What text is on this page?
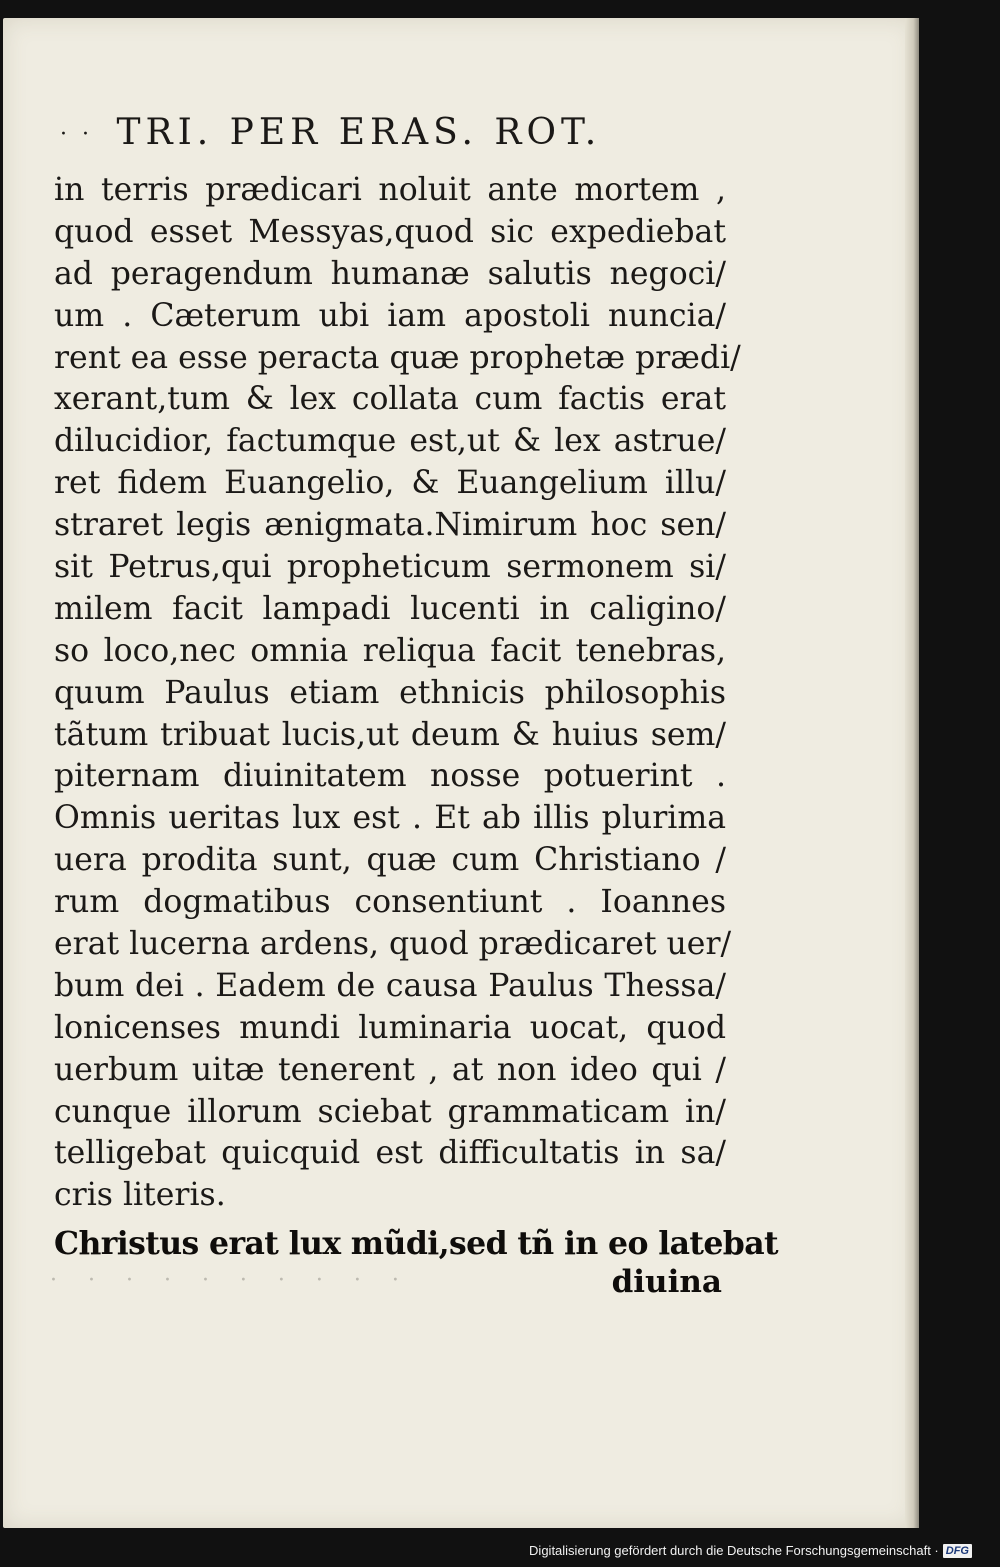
· · TRI. PER ERAS. ROT.
in terris prædicari noluit ante mortem ,
quod esset Messyas,quod sic expediebat
ad peragendum humanæ salutis negoci/
um . Cæterum ubi iam apostoli nuncia/
rent ea esse peracta quæ prophetæ prædi/
xerant,tum & lex collata cum factis erat
dilucidior, factumque est,ut & lex astrue/
ret fidem Euangelio, & Euangelium illu/
straret legis ænigmata.Nimirum hoc sen/
sit Petrus,qui propheticum sermonem si/
milem facit lampadi lucenti in caligino/
so loco,nec omnia reliqua facit tenebras,
quum Paulus etiam ethnicis philosophis
tãtum tribuat lucis,ut deum & huius sem/
piternam diuinitatem nosse potuerint .
Omnis ueritas lux est . Et ab illis plurima
uera prodita sunt, quæ cum Christiano /
rum dogmatibus consentiunt . Ioannes
erat lucerna ardens, quod prædicaret uer/
bum dei . Eadem de causa Paulus Thessa/
lonicenses mundi luminaria uocat, quod
uerbum uitæ tenerent , at non ideo qui /
cunque illorum sciebat grammaticam in/
telligebat quicquid est difficultatis in sa/
cris literis.
Christus erat lux mũdi,sed tñ in eo latebat
· · · · · · · · · ·	diuina
Digitalisierung gefördert durch die Deutsche Forschungsgemeinschaft · DFG
